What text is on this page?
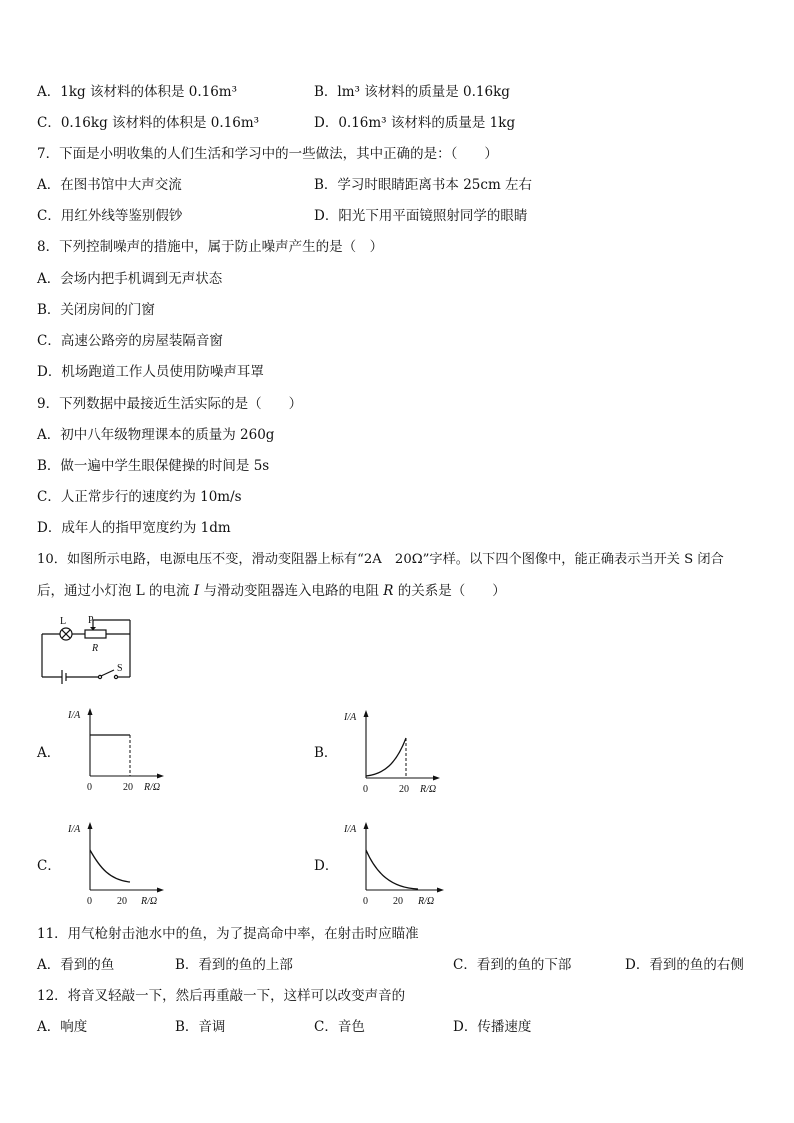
A．1kg 该材料的体积是 0.16m³	B．lm³ 该材料的质量是 0.16kg
C．0.16kg 该材料的体积是 0.16m³	D．0.16m³ 该材料的质量是 1kg
7．下面是小明收集的人们生活和学习中的一些做法，其中正确的是：（　　）
A．在图书馆中大声交流	B．学习时眼睛距离书本 25cm 左右
C．用红外线等鉴别假钞	D．阳光下用平面镜照射同学的眼睛
8．下列控制噪声的措施中，属于防止噪声产生的是（　）
A．会场内把手机调到无声状态
B．关闭房间的门窗
C．高速公路旁的房屋装隔音窗
D．机场跑道工作人员使用防噪声耳罩
9．下列数据中最接近生活实际的是（　　）
A．初中八年级物理课本的质量为 260g
B．做一遍中学生眼保健操的时间是 5s
C．人正常步行的速度约为 10m/s
D．成年人的指甲宽度约为 1dm
10．如图所示电路，电源电压不变，滑动变阻器上标有“2A　20Ω”字样。以下四个图像中，能正确表示当开关 S 闭合
后，通过小灯泡 L 的电流 I 与滑动变阻器连入电路的电阻 R 的关系是（　　）
L P
R
S
A．	B．
C．	D．
I/A
0	20 R/Ω
I/A
0	20 R/Ω
I/A
0	20 R/Ω
I/A
0	20 R/Ω
11．用气枪射击池水中的鱼，为了提高命中率，在射击时应瞄准
A．看到的鱼	B．看到的鱼的上部	C．看到的鱼的下部	D．看到的鱼的右侧
12．将音叉轻敲一下，然后再重敲一下，这样可以改变声音的
A．响度	B．音调	C．音色	D．传播速度
